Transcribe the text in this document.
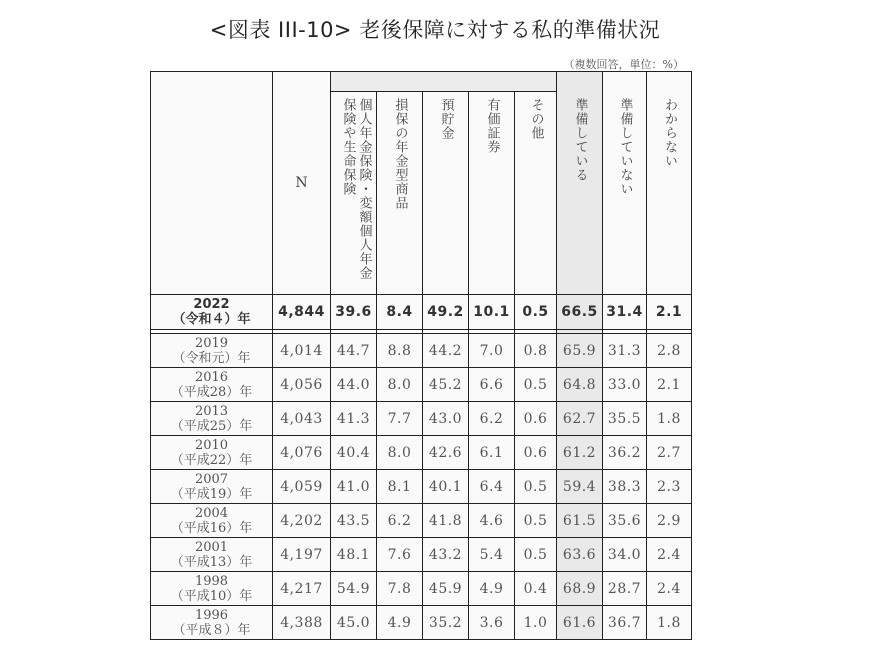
<図表 III-10> 老後保障に対する私的準備状況
（複数回答，単位：%）
	N						準備している	準備していない	わからない
		個人年金保険・変額個人年金保険や生命保険	損保の年金型商品	預貯金	有価証券	その他			
2022
（令和４）年	4,844	39.6	8.4	49.2	10.1	0.5	66.5	31.4	2.1

2019
（令和元）年	4,014	44.7	8.8	44.2	7.0	0.8	65.9	31.3	2.8
2016
（平成28）年	4,056	44.0	8.0	45.2	6.6	0.5	64.8	33.0	2.1
2013
（平成25）年	4,043	41.3	7.7	43.0	6.2	0.6	62.7	35.5	1.8
2010
（平成22）年	4,076	40.4	8.0	42.6	6.1	0.6	61.2	36.2	2.7
2007
（平成19）年	4,059	41.0	8.1	40.1	6.4	0.5	59.4	38.3	2.3
2004
（平成16）年	4,202	43.5	6.2	41.8	4.6	0.5	61.5	35.6	2.9
2001
（平成13）年	4,197	48.1	7.6	43.2	5.4	0.5	63.6	34.0	2.4
1998
（平成10）年	4,217	54.9	7.8	45.9	4.9	0.4	68.9	28.7	2.4
1996
（平成８）年	4,388	45.0	4.9	35.2	3.6	1.0	61.6	36.7	1.8
